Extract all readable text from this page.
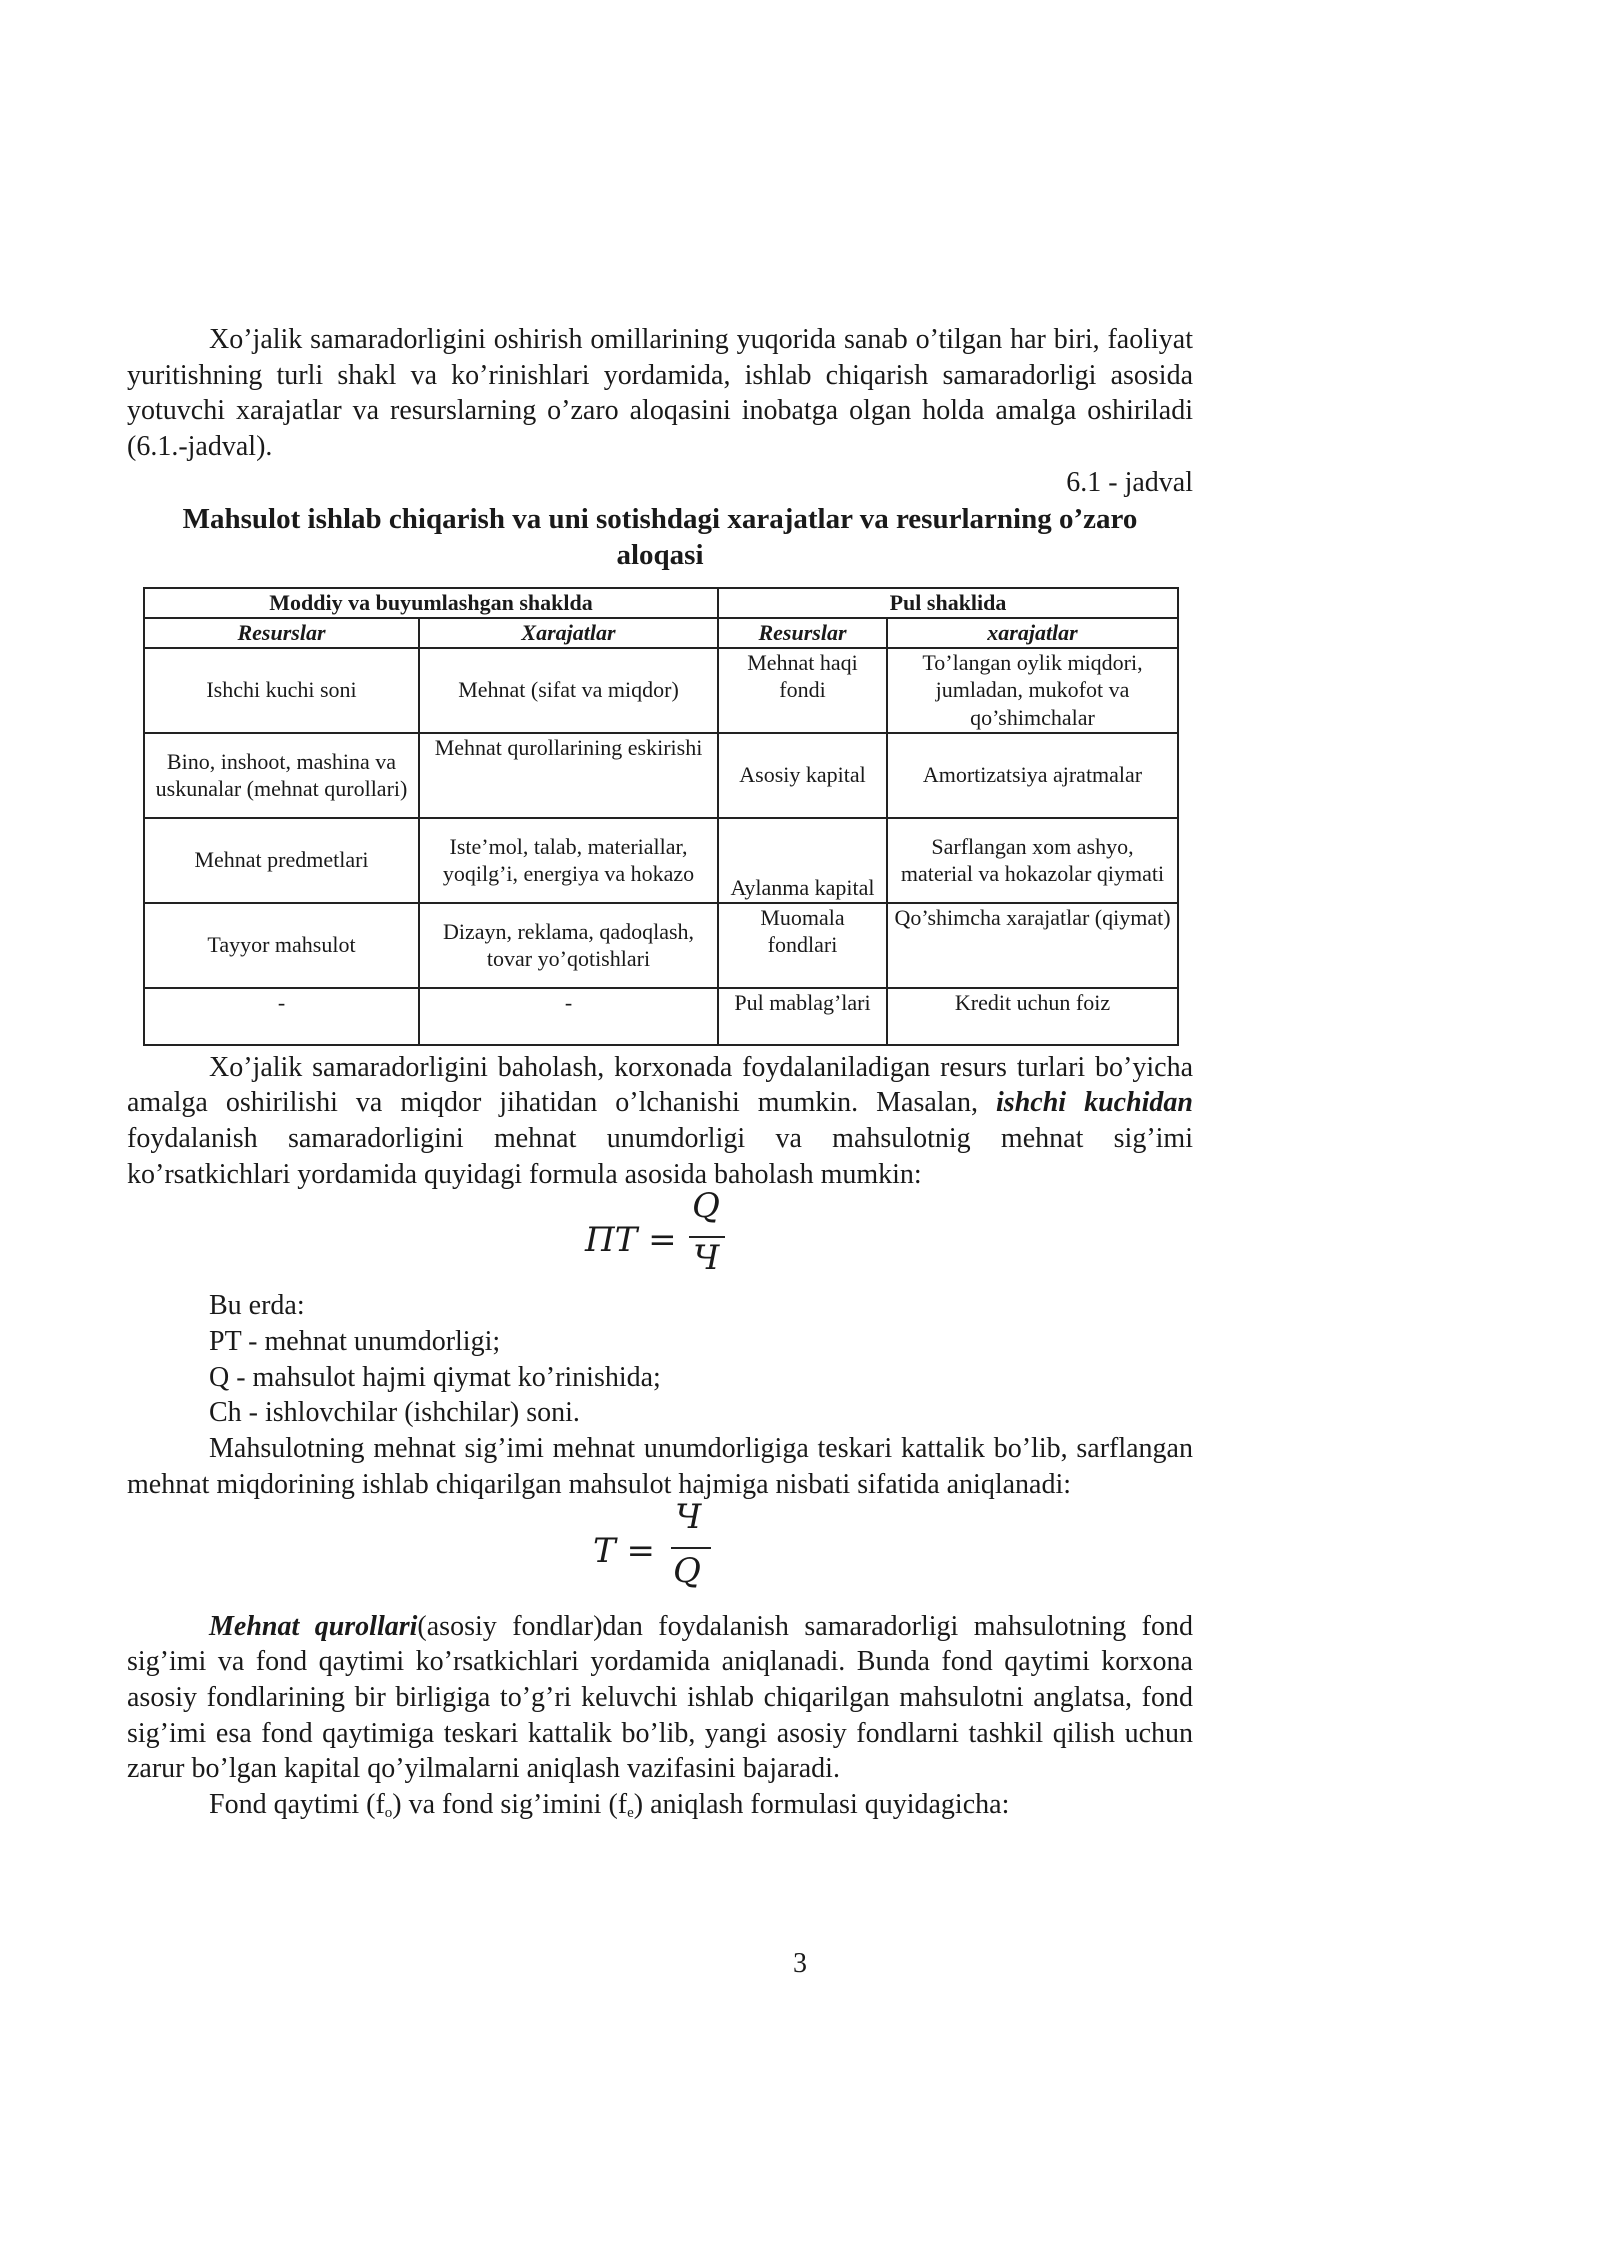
Xo’jalik samaradorligini oshirish omillarining yuqorida sanab o’tilgan har biri, faoliyat yuritishning turli shakl va ko’rinishlari yordamida, ishlab chiqarish samaradorligi asosida yotuvchi xarajatlar va resurslarning o’zaro aloqasini inobatga olgan holda amalga oshiriladi (6.1.-jadval).

6.1 - jadval

Mahsulot ishlab chiqarish va uni sotishdagi xarajatlar va resurlarning o’zaro aloqasi

Moddiy va buyumlashgan shaklda		Pul shaklida	
Resurslar	Xarajatlar	Resurslar	xarajatlar
Ishchi kuchi soni	Mehnat (sifat va miqdor)	Mehnat haqi fondi	To’langan oylik miqdori, jumladan, mukofot va qo’shimchalar
Bino, inshoot, mashina va uskunalar (mehnat qurollari)	Mehnat qurollarining eskirishi	Asosiy kapital	Amortizatsiya ajratmalar
Mehnat predmetlari	Iste’mol, talab, materiallar, yoqilg’i, energiya va hokazo	Aylanma kapital	Sarflangan xom ashyo, material va hokazolar qiymati
Tayyor mahsulot	Dizayn, reklama, qadoqlash, tovar yo’qotishlari	Muomala fondlari	Qo’shimcha xarajatlar (qiymat)
-	-	Pul mablag’lari	Kredit uchun foiz

Xo’jalik samaradorligini baholash, korxonada foydalaniladigan resurs turlari bo’yicha amalga oshirilishi va miqdor jihatidan o’lchanishi mumkin. Masalan, ishchi kuchidan foydalanish samaradorligini mehnat unumdorligi va mahsulotnig mehnat sig’imi ko’rsatkichlari yordamida quyidagi formula asosida baholash mumkin:

ПТ =
Q
Ч

Bu erda:

PT - mehnat unumdorligi;

Q - mahsulot hajmi qiymat ko’rinishida;

Ch - ishlovchilar (ishchilar) soni.

Mahsulotning mehnat sig’imi mehnat unumdorligiga teskari kattalik bo’lib, sarflangan mehnat miqdorining ishlab chiqarilgan mahsulot hajmiga nisbati sifatida aniqlanadi:

T =
Ч
Q

Mehnat qurollari(asosiy fondlar)dan foydalanish samaradorligi mahsulotning fond sig’imi va fond qaytimi ko’rsatkichlari yordamida aniqlanadi. Bunda fond qaytimi korxona asosiy fondlarining bir birligiga to’g’ri keluvchi ishlab chiqarilgan mahsulotni anglatsa, fond sig’imi esa fond qaytimiga teskari kattalik bo’lib, yangi asosiy fondlarni tashkil qilish uchun zarur bo’lgan kapital qo’yilmalarni aniqlash vazifasini bajaradi.

Fond qaytimi $(f_o)$ va fond sig’imini $(f_e)$ aniqlash formulasi quyidagicha:

3
